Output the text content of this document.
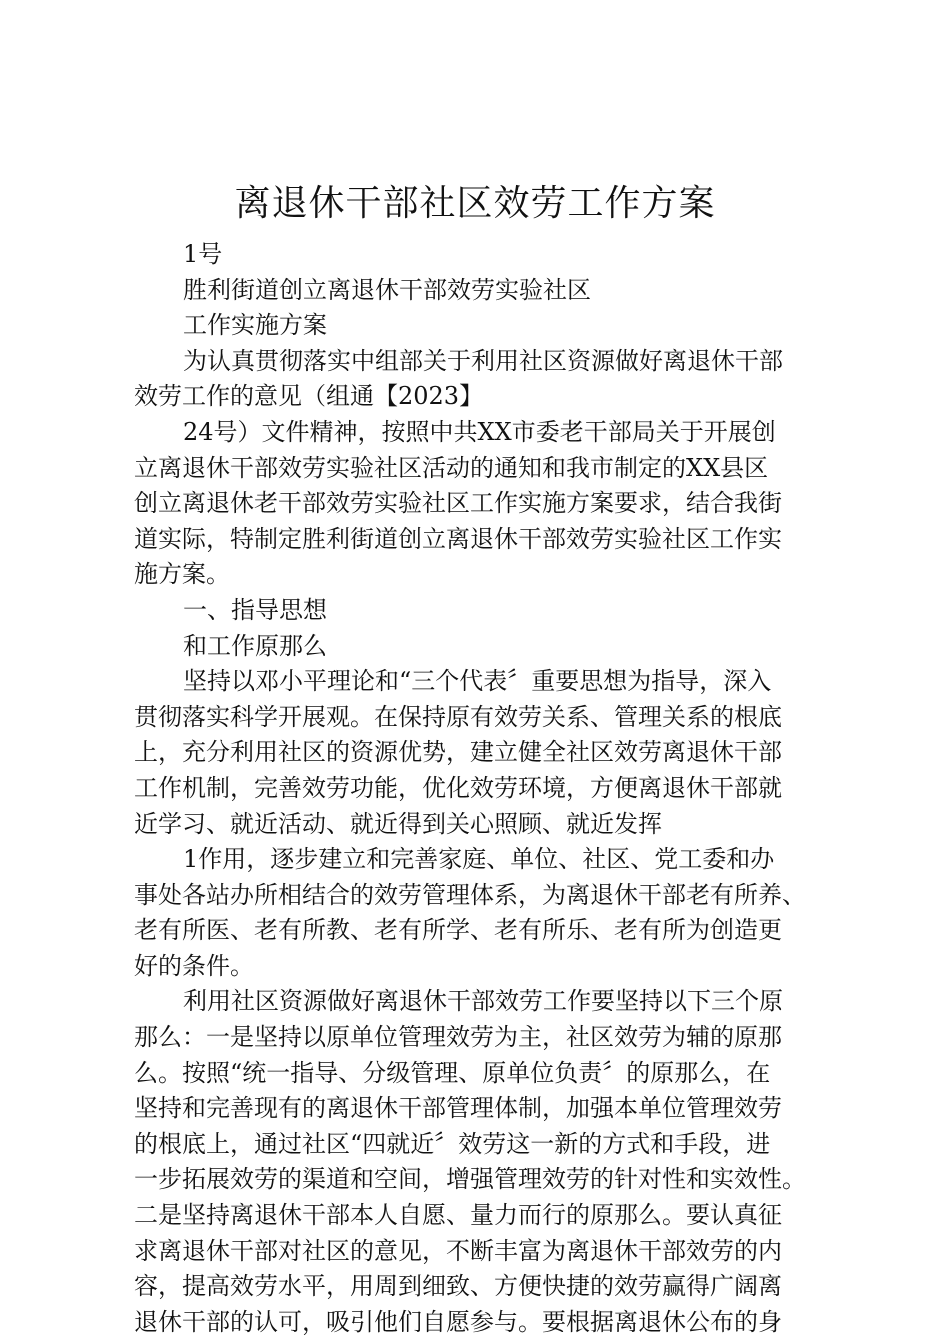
离退休干部社区效劳工作方案
1号
胜利街道创立离退休干部效劳实验社区
工作实施方案
为认真贯彻落实中组部关于利用社区资源做好离退休干部
效劳工作的意见（组通【2023】
24号）文件精神，按照中共XX市委老干部局关于开展创
立离退休干部效劳实验社区活动的通知和我市制定的XX县区
创立离退休老干部效劳实验社区工作实施方案要求，结合我街
道实际，特制定胜利街道创立离退休干部效劳实验社区工作实
施方案。
一、指导思想
和工作原那么
坚持以邓小平理论和“三个代表〞重要思想为指导，深入
贯彻落实科学开展观。在保持原有效劳关系、管理关系的根底
上，充分利用社区的资源优势，建立健全社区效劳离退休干部
工作机制，完善效劳功能，优化效劳环境，方便离退休干部就
近学习、就近活动、就近得到关心照顾、就近发挥
1作用，逐步建立和完善家庭、单位、社区、党工委和办
事处各站办所相结合的效劳管理体系，为离退休干部老有所养、
老有所医、老有所教、老有所学、老有所乐、老有所为创造更
好的条件。
利用社区资源做好离退休干部效劳工作要坚持以下三个原
那么：一是坚持以原单位管理效劳为主，社区效劳为辅的原那
么。按照“统一指导、分级管理、原单位负责〞的原那么，在
坚持和完善现有的离退休干部管理体制，加强本单位管理效劳
的根底上，通过社区“四就近〞效劳这一新的方式和手段，进
一步拓展效劳的渠道和空间，增强管理效劳的针对性和实效性。
二是坚持离退休干部本人自愿、量力而行的原那么。要认真征
求离退休干部对社区的意见，不断丰富为离退休干部效劳的内
容，提高效劳水平，用周到细致、方便快捷的效劳赢得广阔离
退休干部的认可，吸引他们自愿参与。要根据离退休公布的身
